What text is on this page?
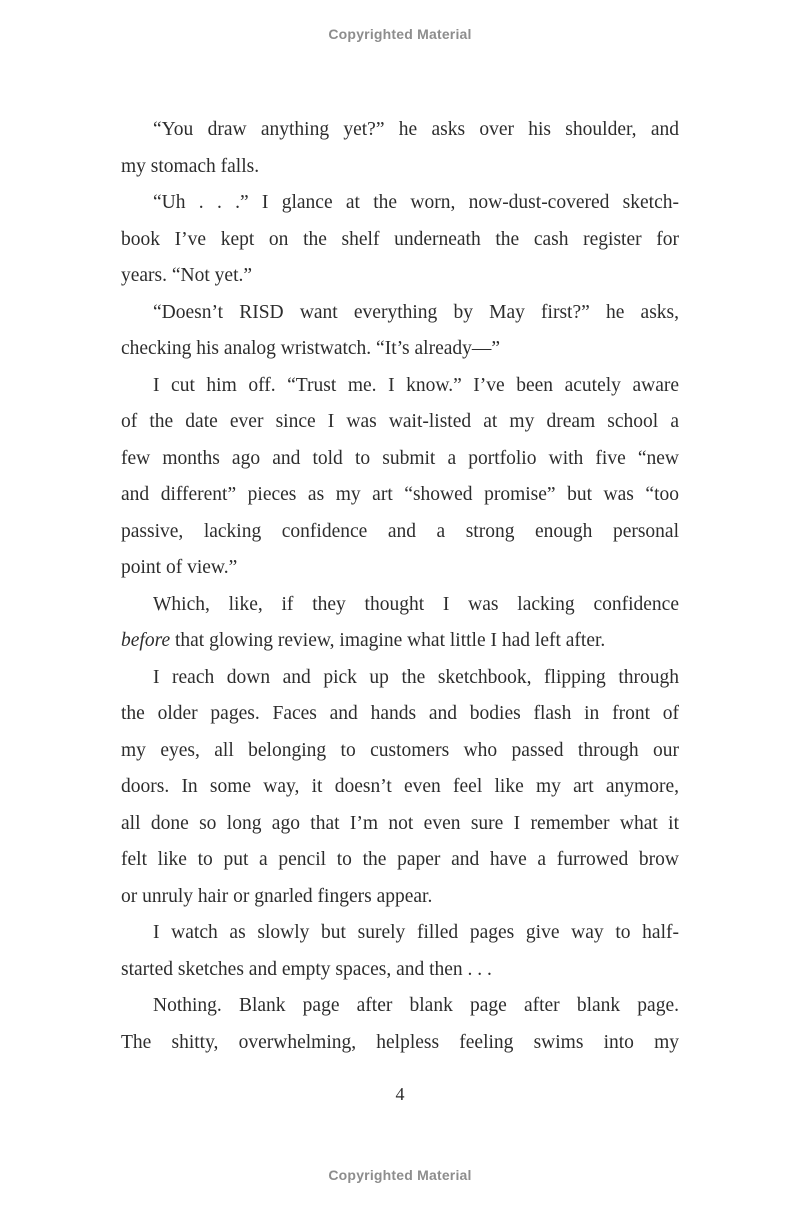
Copyrighted Material
“You draw anything yet?” he asks over his shoulder, and
my stomach falls.
“Uh . . .” I glance at the worn, now-dust-covered sketch-
book I’ve kept on the shelf underneath the cash register for
years. “Not yet.”
“Doesn’t RISD want everything by May first?” he asks,
checking his analog wristwatch. “It’s already—”
I cut him off. “Trust me. I know.” I’ve been acutely aware
of the date ever since I was wait-listed at my dream school a
few months ago and told to submit a portfolio with five “new
and different” pieces as my art “showed promise” but was “too
passive, lacking confidence and a strong enough personal
point of view.”
Which, like, if they thought I was lacking confidence
before that glowing review, imagine what little I had left after.
I reach down and pick up the sketchbook, flipping through
the older pages. Faces and hands and bodies flash in front of
my eyes, all belonging to customers who passed through our
doors. In some way, it doesn’t even feel like my art anymore,
all done so long ago that I’m not even sure I remember what it
felt like to put a pencil to the paper and have a furrowed brow
or unruly hair or gnarled fingers appear.
I watch as slowly but surely filled pages give way to half-
started sketches and empty spaces, and then . . .
Nothing. Blank page after blank page after blank page.
The shitty, overwhelming, helpless feeling swims into my
4
Copyrighted Material
